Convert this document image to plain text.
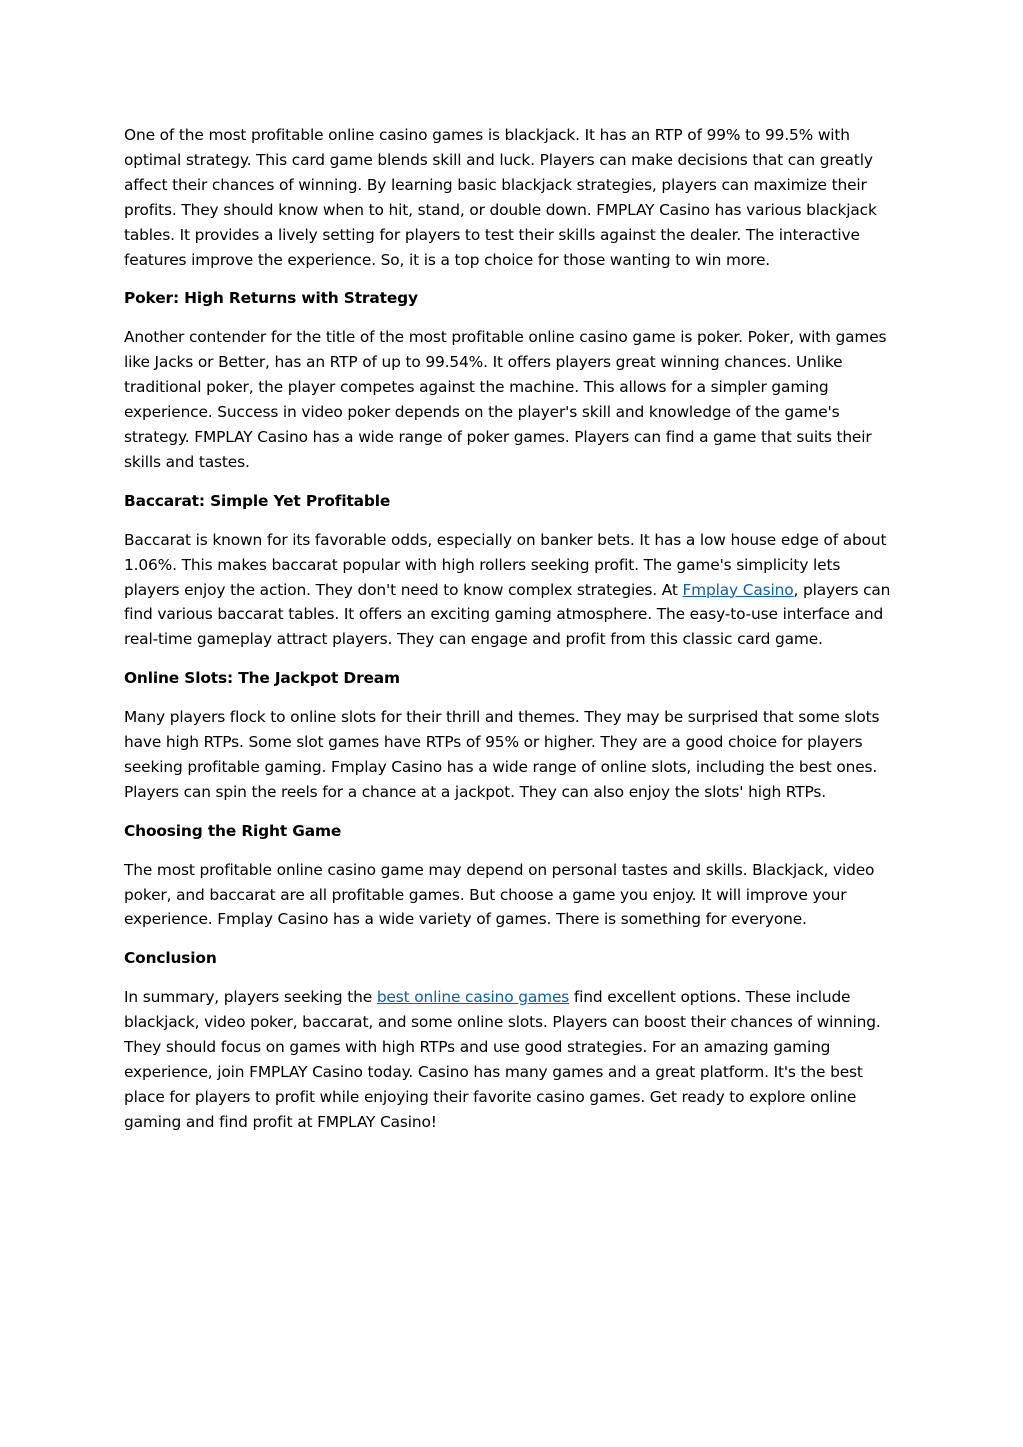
One of the most profitable online casino games is blackjack. It has an RTP of 99% to 99.5% with optimal strategy. This card game blends skill and luck. Players can make decisions that can greatly affect their chances of winning. By learning basic blackjack strategies, players can maximize their profits. They should know when to hit, stand, or double down. FMPLAY Casino has various blackjack tables. It provides a lively setting for players to test their skills against the dealer. The interactive features improve the experience. So, it is a top choice for those wanting to win more.

Poker: High Returns with Strategy

Another contender for the title of the most profitable online casino game is poker. Poker, with games like Jacks or Better, has an RTP of up to 99.54%. It offers players great winning chances. Unlike traditional poker, the player competes against the machine. This allows for a simpler gaming experience. Success in video poker depends on the player's skill and knowledge of the game's strategy. FMPLAY Casino has a wide range of poker games. Players can find a game that suits their skills and tastes.

Baccarat: Simple Yet Profitable

Baccarat is known for its favorable odds, especially on banker bets. It has a low house edge of about 1.06%. This makes baccarat popular with high rollers seeking profit. The game's simplicity lets players enjoy the action. They don't need to know complex strategies. At Fmplay Casino, players can find various baccarat tables. It offers an exciting gaming atmosphere. The easy-to-use interface and real-time gameplay attract players. They can engage and profit from this classic card game.

Online Slots: The Jackpot Dream

Many players flock to online slots for their thrill and themes. They may be surprised that some slots have high RTPs. Some slot games have RTPs of 95% or higher. They are a good choice for players seeking profitable gaming. Fmplay Casino has a wide range of online slots, including the best ones. Players can spin the reels for a chance at a jackpot. They can also enjoy the slots' high RTPs.

Choosing the Right Game

The most profitable online casino game may depend on personal tastes and skills. Blackjack, video poker, and baccarat are all profitable games. But choose a game you enjoy. It will improve your experience. Fmplay Casino has a wide variety of games. There is something for everyone.

Conclusion

In summary, players seeking the best online casino games find excellent options. These include blackjack, video poker, baccarat, and some online slots. Players can boost their chances of winning. They should focus on games with high RTPs and use good strategies. For an amazing gaming experience, join FMPLAY Casino today. Casino has many games and a great platform. It's the best place for players to profit while enjoying their favorite casino games. Get ready to explore online gaming and find profit at FMPLAY Casino!
